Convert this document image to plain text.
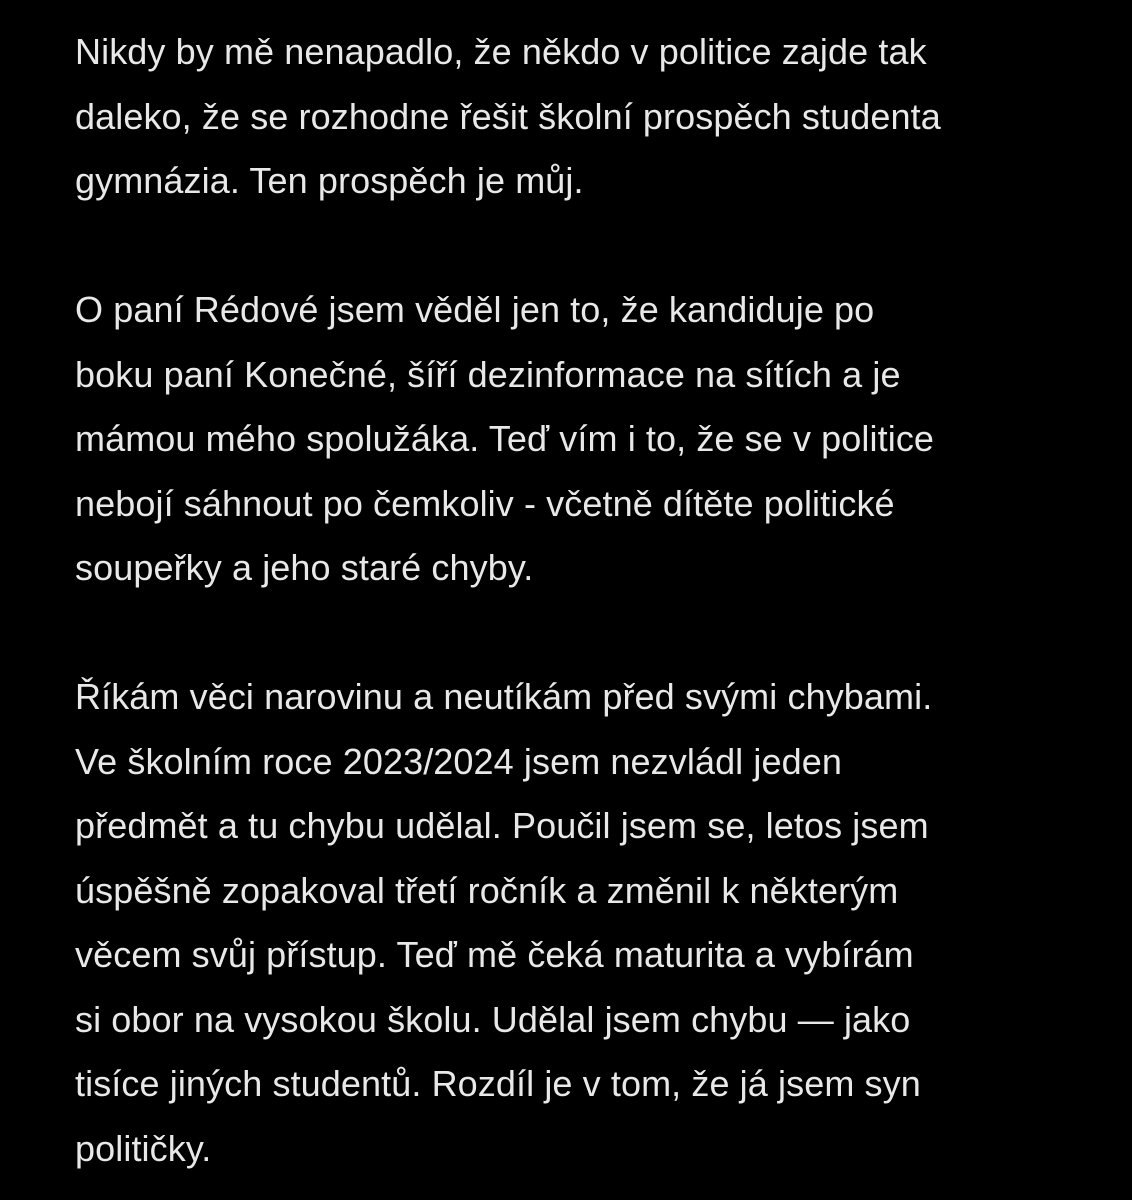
Nikdy by mě nenapadlo, že někdo v politice zajde tak
daleko, že se rozhodne řešit školní prospěch studenta
gymnázia. Ten prospěch je můj.
O paní Rédové jsem věděl jen to, že kandiduje po
boku paní Konečné, šíří dezinformace na sítích a je
mámou mého spolužáka. Teď vím i to, že se v politice
nebojí sáhnout po čemkoliv - včetně dítěte politické
soupeřky a jeho staré chyby.
Říkám věci narovinu a neutíkám před svými chybami.
Ve školním roce 2023/2024 jsem nezvládl jeden
předmět a tu chybu udělal. Poučil jsem se, letos jsem
úspěšně zopakoval třetí ročník a změnil k některým
věcem svůj přístup. Teď mě čeká maturita a vybírám
si obor na vysokou školu. Udělal jsem chybu — jako
tisíce jiných studentů. Rozdíl je v tom, že já jsem syn
političky.
